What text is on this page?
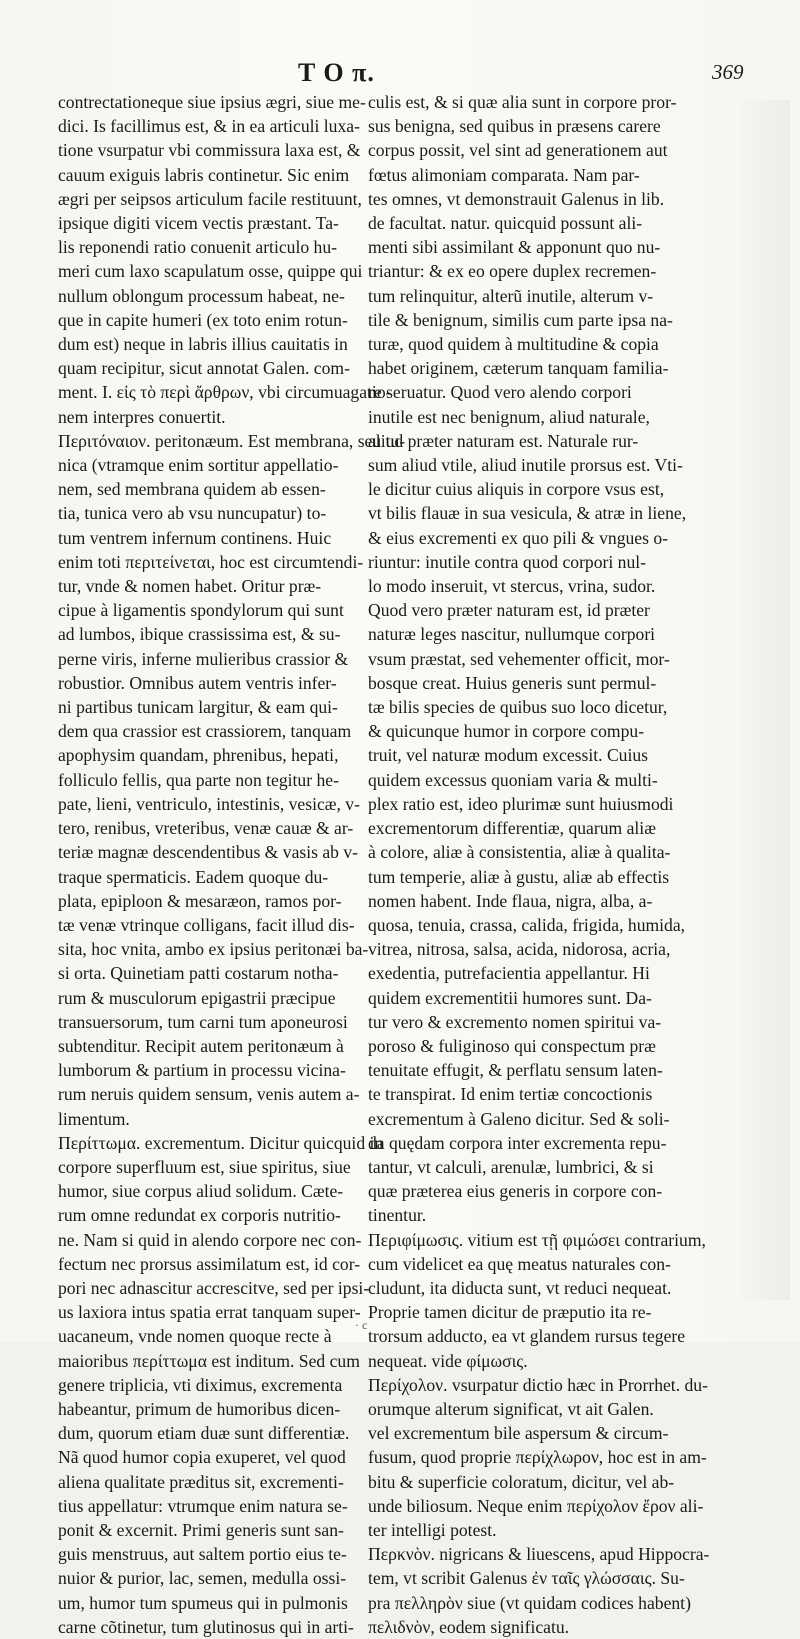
T O π.	369
contrectationeque siue ipsius ægri, siue me-
dici. Is facillimus est, & in ea articuli luxa-
tione vsurpatur vbi commissura laxa est, &
cauum exiguis labris continetur. Sic enim
ægri per seipsos articulum facile restituunt,
ipsique digiti vicem vectis præstant. Ta-
lis reponendi ratio conuenit articulo hu-
meri cum laxo scapulatum osse, quippe qui
nullum oblongum processum habeat, ne-
que in capite humeri (ex toto enim rotun-
dum est) neque in labris illius cauitatis in
quam recipitur, sicut annotat Galen. com-
ment. I. εἰς τὸ περὶ ἄρθρων, vbi circumuagatio-
nem interpres conuertit.
Περιτόναιον. peritonæum. Est membrana, seu tu-
nica (vtramque enim sortitur appellatio-
nem, sed membrana quidem ab essen-
tia, tunica vero ab vsu nuncupatur) to-
tum ventrem infernum continens. Huic
enim toti περιτείνεται, hoc est circumtendi-
tur, vnde & nomen habet. Oritur præ-
cipue à ligamentis spondylorum qui sunt
ad lumbos, ibique crassissima est, & su-
perne viris, inferne mulieribus crassior &
robustior. Omnibus autem ventris infer-
ni partibus tunicam largitur, & eam qui-
dem qua crassior est crassiorem, tanquam
apophysim quandam, phrenibus, hepati,
folliculo fellis, qua parte non tegitur he-
pate, lieni, ventriculo, intestinis, vesicæ, v-
tero, renibus, vreteribus, venæ cauæ & ar-
teriæ magnæ descendentibus & vasis ab v-
traque spermaticis. Eadem quoque du-
plata, epiploon & mesaræon, ramos por-
tæ venæ vtrinque colligans, facit illud dis-
sita, hoc vnita, ambo ex ipsius peritonæi ba-
si orta. Quinetiam patti costarum notha-
rum & musculorum epigastrii præcipue
transuersorum, tum carni tum aponeurosi
subtenditur. Recipit autem peritonæum à
lumborum & partium in processu vicina-
rum neruis quidem sensum, venis autem a-
limentum.
Περίττωμα. excrementum. Dicitur quicquid in
corpore superfluum est, siue spiritus, siue
humor, siue corpus aliud solidum. Cæte-
rum omne redundat ex corporis nutritio-
ne. Nam si quid in alendo corpore nec con-
fectum nec prorsus assimilatum est, id cor-
pori nec adnascitur accrescitve, sed per ipsi-
us laxiora intus spatia errat tanquam super-
uacaneum, vnde nomen quoque recte à
maioribus περίττωμα est inditum. Sed cum
genere triplicia, vti diximus, excrementa
habeantur, primum de humoribus dicen-
dum, quorum etiam duæ sunt differentiæ.
Nã quod humor copia exuperet, vel quod
aliena qualitate præditus sit, excrementi-
tius appellatur: vtrumque enim natura se-
ponit & excernit. Primi generis sunt san-
guis menstruus, aut saltem portio eius te-
nuior & purior, lac, semen, medulla ossi-
um, humor tum spumeus qui in pulmonis
carne cõtinetur, tum glutinosus qui in arti-
culis est, & si quæ alia sunt in corpore pror-
sus benigna, sed quibus in præsens carere
corpus possit, vel sint ad generationem aut
fœtus alimoniam comparata. Nam par-
tes omnes, vt demonstrauit Galenus in lib.
de facultat. natur. quicquid possunt ali-
menti sibi assimilant & apponunt quo nu-
triantur: & ex eo opere duplex recremen-
tum relinquitur, alterũ inutile, alterum v-
tile & benignum, similis cum parte ipsa na-
turæ, quod quidem à multitudine & copia
habet originem, cæterum tanquam familia-
re seruatur. Quod vero alendo corpori
inutile est nec benignum, aliud naturale,
aliud præter naturam est. Naturale rur-
sum aliud vtile, aliud inutile prorsus est. Vti-
le dicitur cuius aliquis in corpore vsus est,
vt bilis flauæ in sua vesicula, & atræ in liene,
& eius excrementi ex quo pili & vngues o-
riuntur: inutile contra quod corpori nul-
lo modo inseruit, vt stercus, vrina, sudor.
Quod vero præter naturam est, id præter
naturæ leges nascitur, nullumque corpori
vsum præstat, sed vehementer officit, mor-
bosque creat. Huius generis sunt permul-
tæ bilis species de quibus suo loco dicetur,
& quicunque humor in corpore compu-
truit, vel naturæ modum excessit. Cuius
quidem excessus quoniam varia & multi-
plex ratio est, ideo plurimæ sunt huiusmodi
excrementorum differentiæ, quarum aliæ
à colore, aliæ à consistentia, aliæ à qualita-
tum temperie, aliæ à gustu, aliæ ab effectis
nomen habent. Inde flaua, nigra, alba, a-
quosa, tenuia, crassa, calida, frigida, humida,
vitrea, nitrosa, salsa, acida, nidorosa, acria,
exedentia, putrefacientia appellantur. Hi
quidem excrementitii humores sunt. Da-
tur vero & excremento nomen spiritui va-
poroso & fuliginoso qui conspectum præ
tenuitate effugit, & perflatu sensum laten-
te transpirat. Id enim tertiæ concoctionis
excrementum à Galeno dicitur. Sed & soli-
da quędam corpora inter excrementa repu-
tantur, vt calculi, arenulæ, lumbrici, & si
quæ præterea eius generis in corpore con-
tinentur.
Περιφίμωσις. vitium est τῇ φιμώσει contrarium,
cum videlicet ea quę meatus naturales con-
cludunt, ita diducta sunt, vt reduci nequeat.
Proprie tamen dicitur de præputio ita re-
trorsum adducto, ea vt glandem rursus tegere
nequeat. vide φίμωσις.
Περίχολον. vsurpatur dictio hæc in Prorrhet. du-
orumque alterum significat, vt ait Galen.
vel excrementum bile aspersum & circum-
fusum, quod proprie περίχλωρον, hoc est in am-
bitu & superficie coloratum, dicitur, vel ab-
unde biliosum. Neque enim περίχολον ἔρον ali-
ter intelligi potest.
Περκνὸν. nigricans & liuescens, apud Hippocra-
tem, vt scribit Galenus ἐν ταῖς γλώσσαις. Su-
pra πελληρὸν siue (vt quidam codices habent)
πελιδνὸν, eodem significatu.
· c
